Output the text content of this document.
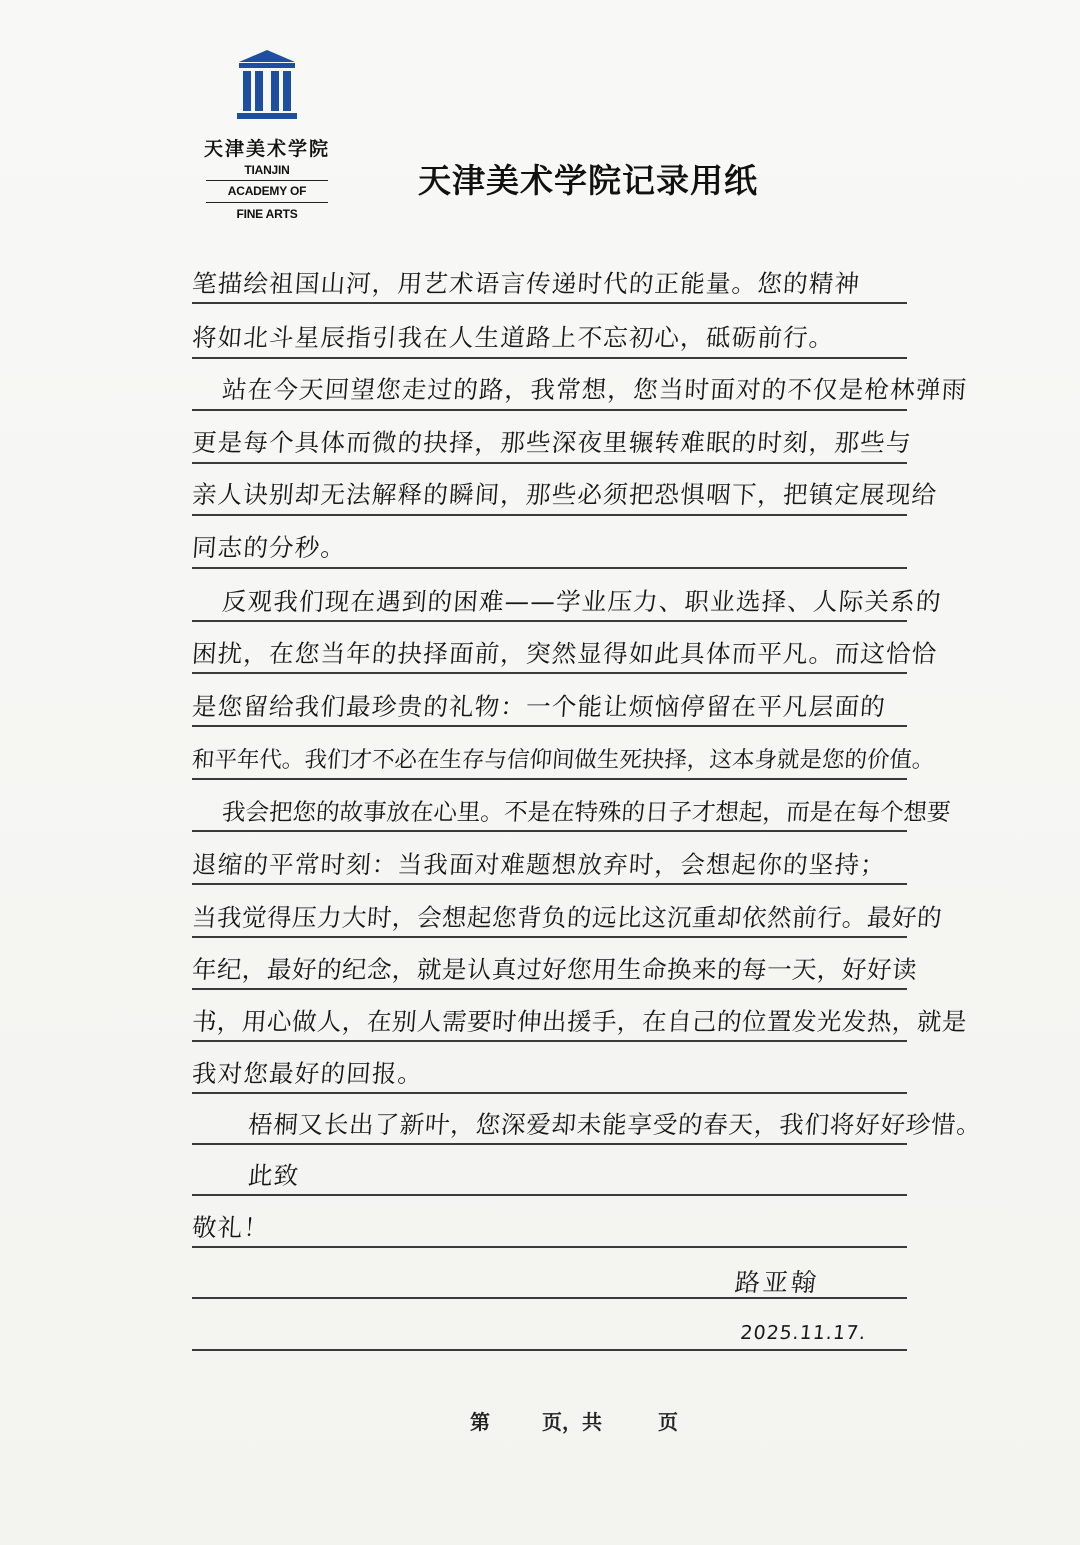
天津美术学院
TIANJIN
ACADEMY OF
FINE ARTS
天津美术学院记录用纸
笔描绘祖国山河，用艺术语言传递时代的正能量。您的精神
将如北斗星辰指引我在人生道路上不忘初心，砥砺前行。
站在今天回望您走过的路，我常想，您当时面对的不仅是枪林弹雨
更是每个具体而微的抉择，那些深夜里辗转难眠的时刻，那些与
亲人诀别却无法解释的瞬间，那些必须把恐惧咽下，把镇定展现给
同志的分秒。
反观我们现在遇到的困难——学业压力、职业选择、人际关系的
困扰，在您当年的抉择面前，突然显得如此具体而平凡。而这恰恰
是您留给我们最珍贵的礼物：一个能让烦恼停留在平凡层面的
和平年代。我们才不必在生存与信仰间做生死抉择，这本身就是您的价值。
我会把您的故事放在心里。不是在特殊的日子才想起，而是在每个想要
退缩的平常时刻：当我面对难题想放弃时，会想起你的坚持；
当我觉得压力大时，会想起您背负的远比这沉重却依然前行。最好的
年纪，最好的纪念，就是认真过好您用生命换来的每一天，好好读
书，用心做人，在别人需要时伸出援手，在自己的位置发光发热，就是
我对您最好的回报。
梧桐又长出了新叶，您深爱却未能享受的春天，我们将好好珍惜。
此致
敬礼！
路亚翰
2025.11.17.
第	页，共	页
